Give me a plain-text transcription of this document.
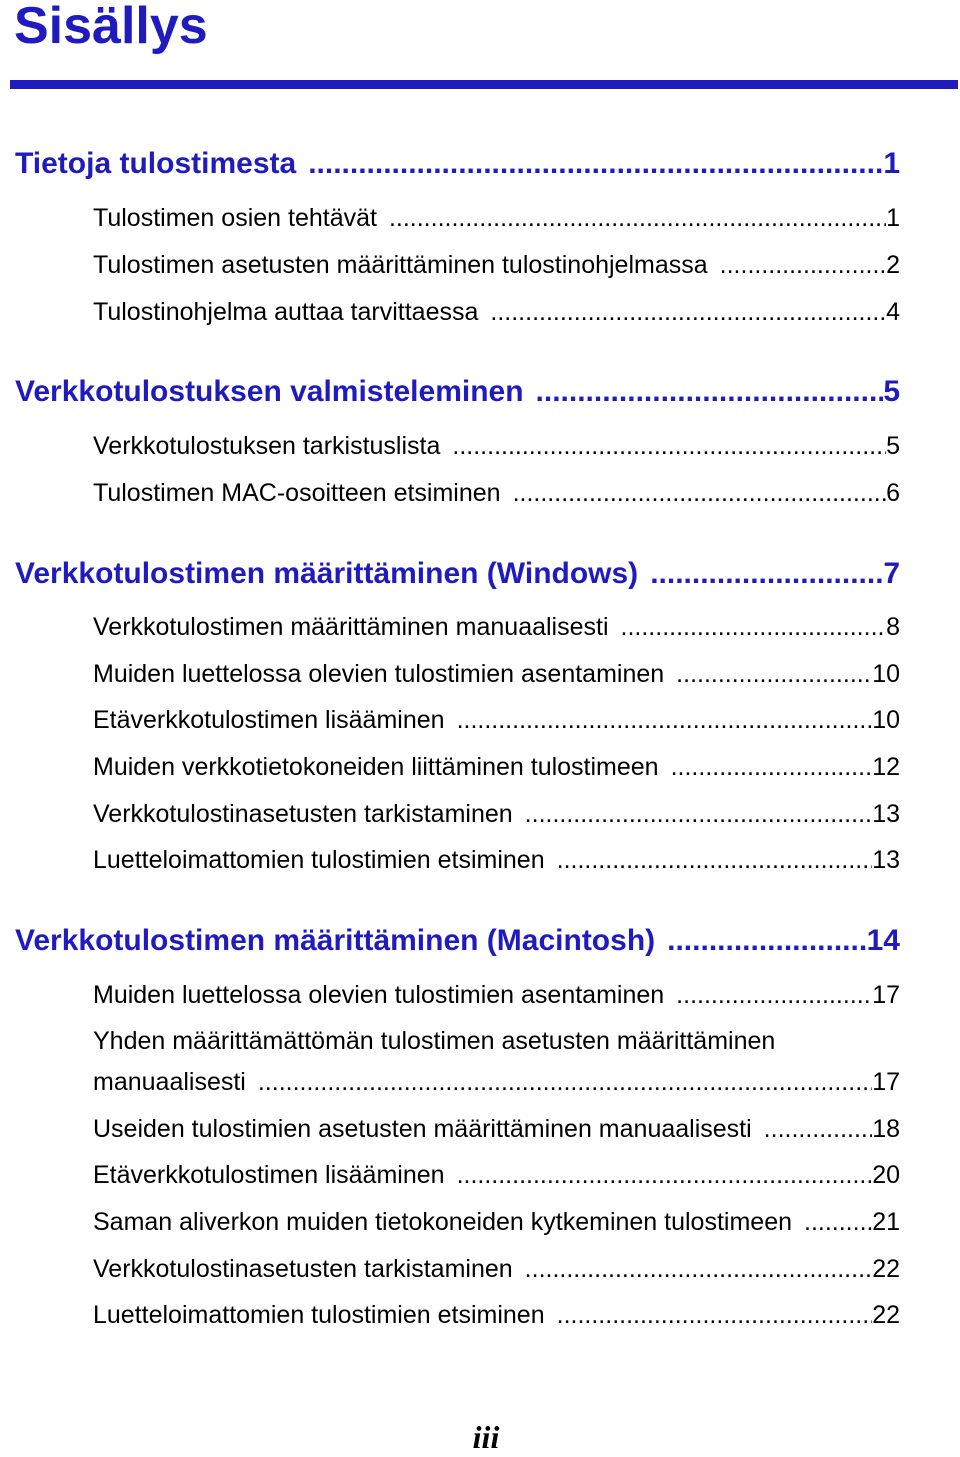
Sisällys
Tietoja tulostimesta .....	1
Tulostimen osien tehtävät .....	1
Tulostimen asetusten määrittäminen tulostinohjelmassa .....	2
Tulostinohjelma auttaa tarvittaessa .....	4
Verkkotulostuksen valmisteleminen .....	5
Verkkotulostuksen tarkistuslista .....	5
Tulostimen MAC-osoitteen etsiminen .....	6
Verkkotulostimen määrittäminen (Windows) .....	7
Verkkotulostimen määrittäminen manuaalisesti .....	8
Muiden luettelossa olevien tulostimien asentaminen .....	10
Etäverkkotulostimen lisääminen .....	10
Muiden verkkotietokoneiden liittäminen tulostimeen .....	12
Verkkotulostinasetusten tarkistaminen .....	13
Luetteloimattomien tulostimien etsiminen .....	13
Verkkotulostimen määrittäminen (Macintosh) .....	14
Muiden luettelossa olevien tulostimien asentaminen .....	17
Yhden määrittämättömän tulostimen asetusten määrittäminen
manuaalisesti .....	17
Useiden tulostimien asetusten määrittäminen manuaalisesti .....	18
Etäverkkotulostimen lisääminen .....	20
Saman aliverkon muiden tietokoneiden kytkeminen tulostimeen .....	21
Verkkotulostinasetusten tarkistaminen .....	22
Luetteloimattomien tulostimien etsiminen .....	22
iii
